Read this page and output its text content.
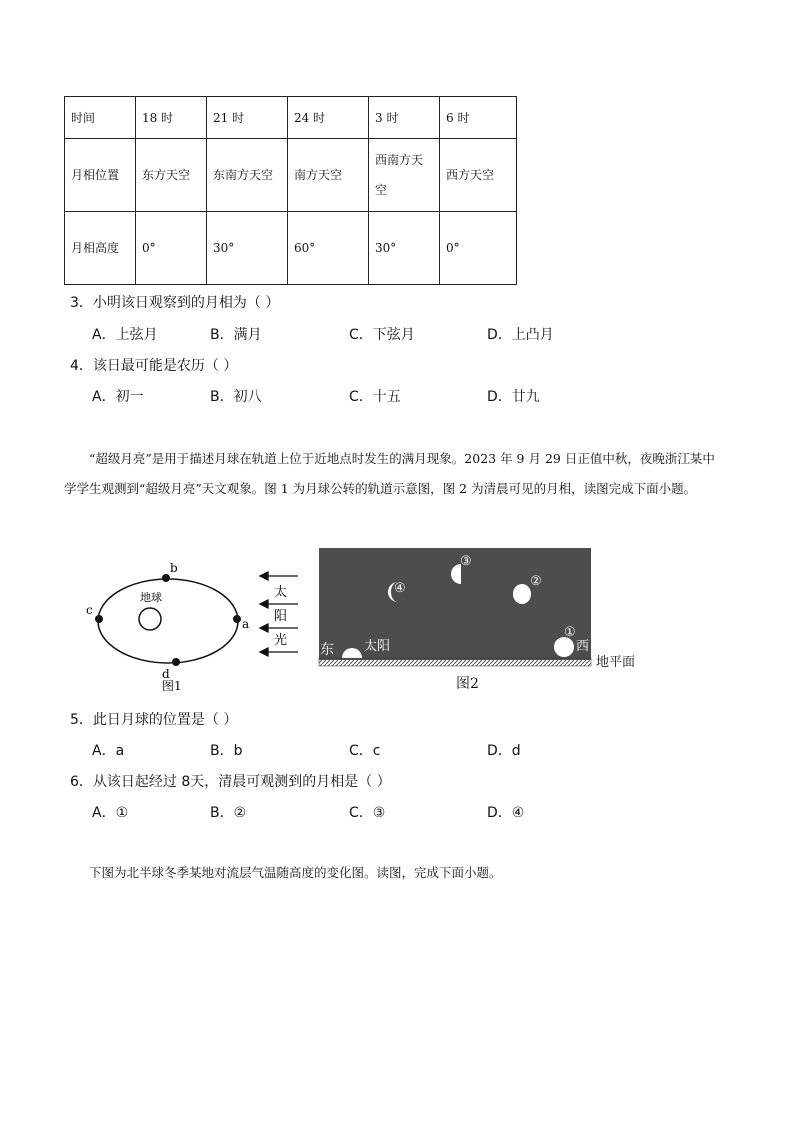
时间	18 时	21 时	24 时	3 时	6 时
月相位置	东方天空	东南方天空	南方天空	西南方天空	西方天空
月相高度	0°	30°	60°	30°	0°
3．小明该日观察到的月相为（ ）
A．上弦月	B．满月	C．下弦月	D．上凸月
4．该日最可能是农历（ ）
A．初一	B．初八	C．十五	D．廿九
“超级月亮”是用于描述月球在轨道上位于近地点时发生的满月现象。2023 年 9 月 29 日正值中秋，夜晚浙江某中学学生观测到“超级月亮”天文观象。图 1 为月球公转的轨道示意图，图 2 为清晨可见的月相，读图完成下面小题。
地球
b
c
a
d
图1
太
阳
光
④
③
②
①
西
东 太阳
地平面
图2
5．此日月球的位置是（ ）
A．a	B．b	C．c	D．d
6．从该日起经过 8天，清晨可观测到的月相是（ ）
A．①	B．②	C．③	D．④
下图为北半球冬季某地对流层气温随高度的变化图。读图，完成下面小题。
